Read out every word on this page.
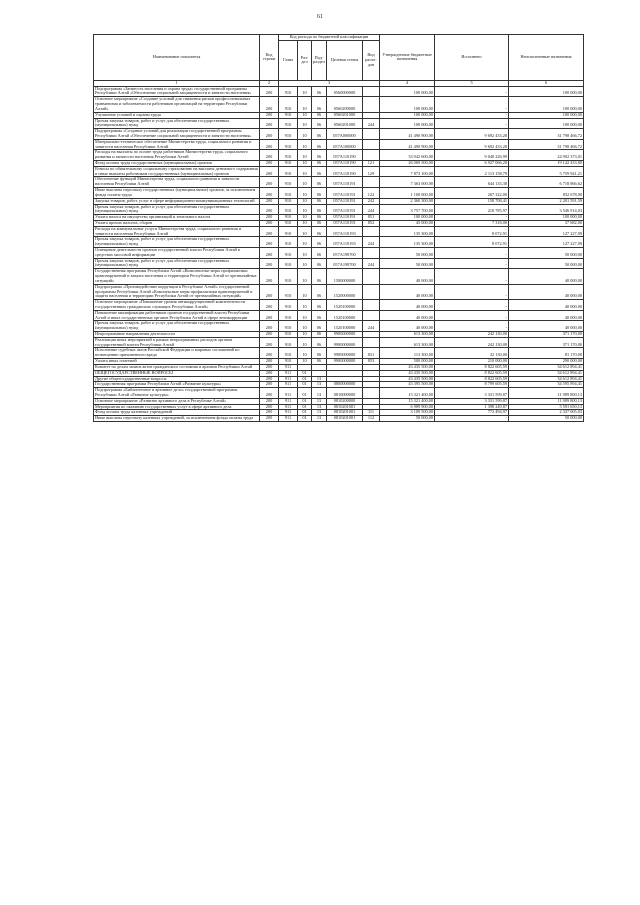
61
Наименование показателя	Код строки	Код расхода по бюджетной классификации					Утвержденные бюджетные назначения	Исполнено	Неисполненные назначения
		Глава	Раз-дел	Под-раздел	Целевая статья	Вид расхо-дов			
1	2	3					4	5	6
Подпрограмма «Занятость населения и охрана труда» государственной программы Республики Алтай «Обеспечение социальной защищенности и занятости населения»	200	910	10	06	0560000000		100 000,00	-	100 000,00
Основное мероприятие «Создание условий для снижения рисков профессиональных травматизма и заболеваемости работников организаций на территории Республики Алтай»	200	910	10	06	0560200000		100 000,00	-	100 000,00
Улучшение условий и охраны труда	200	910	10	06	0560201000		100 000,00	-	100 000,00
Прочая закупка товаров, работ и услуг для обеспечения государственных (муниципальных) нужд	200	910	10	06	0560201000	244	100 000,00	-	100 000,00
Подпрограмма «Создание условий для реализации государственной программы Республики Алтай «Обеспечение социальной защищенности и занятости населения»	200	910	10	06	057А000000		41 490 900,00	9 692 433,28	31 798 466,72
Материально-техническое обеспечение Министерства труда, социального развития и занятости населения Республики Алтай	200	910	10	06	057А100000		41 490 900,00	9 692 433,28	31 798 466,72
Расходы на выплаты по оплате труда работников Министерства труда, социального развития и занятости населения Республики Алтай	200	910	10	06	057А110190		33 942 600,00	9 040 226,99	24 902 373,01
Фонд оплаты труда государственных (муниципальных) органов	200	910	10	06	057А110190	121	26 069 500,00	6 927 066,20	19 142 433,80
Взносы по обязательному социальному страхованию на выплаты денежного содержания и иные выплаты работникам государственных (муниципальных) органов	200	910	10	06	057А110190	129	7 873 100,00	2 113 158,79	5 759 941,21
Обеспечение функций Министерства труда, социального развития и занятости населения Республики Алтай	200	910	10	06	057А110191		7 363 000,00	644 133,38	6 718 866,62
Иные выплаты персоналу государственных (муниципальных) органов, за исключением фонда оплаты труда	200	910	10	06	057А110191	122	1 100 000,00	267 322,00	832 678,00
Закупка товаров, работ, услуг в сфере информационно-коммуникационных технологий	200	910	10	06	057А110191	242	2 360 300,00	158 708,41	2 201 591,59
Прочая закупка товаров, работ и услуг для обеспечения государственных (муниципальных) нужд	200	910	10	06	057А110191	244	3 757 700,00	210 785,97	3 546 914,03
Уплата налога на имущество организаций и земельного налога	200	910	10	06	057А110191	851	100 000,00	-	100 000,00
Уплата прочих налогов, сборов	200	910	10	06	057А110191	852	45 000,00	7 318,00	37 682,00
Расходы на коммунальные услуги Министерства труда, социального развития и занятости населения Республики Алтай	200	910	10	06	057А110193		135 300,00	8 072,91	127 227,09
Прочая закупка товаров, работ и услуг для обеспечения государственных (муниципальных) нужд	200	910	10	06	057А110193	244	135 300,00	8 072,91	127 227,09
Освещение деятельности органов государственной власти Республики Алтай в средствах массовой информации	200	910	10	06	057А198700		50 000,00	-	50 000,00
Прочая закупка товаров, работ и услуг для обеспечения государственных (муниципальных) нужд	200	910	10	06	057А198700	244	50 000,00	-	50 000,00
Государственная программа Республики Алтай «Комплексные меры профилактики правонарушений и защита населения и территории Республики Алтай от чрезвычайных ситуаций»	200	910	10	06	1500000000		40 000,00	-	40 000,00
Подпрограмма «Противодействие коррупции в Республике Алтай» государственной программы Республики Алтай «Комплексные меры профилактики правонарушений и защита населения и территории Республики Алтай от чрезвычайных ситуаций»	200	910	10	06	1520000000		40 000,00	-	40 000,00
Основное мероприятие «Повышение уровня антикоррупционной компетентности государственных гражданских служащих Республики Алтай»	200	910	10	06	1520100000		40 000,00	-	40 000,00
Повышение квалификации работников органов государственной власти Республики Алтай и иных государственных органов Республики Алтай в сфере антикоррупции	200	910	10	06	1520100000		40 000,00	-	40 000,00
Прочая закупка товаров, работ и услуг для обеспечения государственных (муниципальных) нужд	200	910	10	06	1520100000	244	40 000,00	-	40 000,00
Непрограммные направления деятельности	200	910	10	06	9900000000		613 300,00	242 130,00	371 170,00
Реализация иных мероприятий в рамках непрограммных расходов органов государственной власти Республики Алтай	200	910	10	06	9900000000		613 300,00	242 130,00	371 170,00
Исполнение судебных актов Российской Федерации и мировых соглашений по возмещению причиненного вреда	200	910	10	06	9900000000	831	113 300,00	32 130,00	81 170,00
Уплата иных платежей	200	910	10	06	9900000000	853	500 000,00	210 000,00	290 000,00
Комитет по делам записи актов гражданского состояния и архивов Республики Алтай	200	911					43 435 500,00	8 822 605,59	34 612 894,41
ОБЩЕГОСУДАРСТВЕННЫЕ ВОПРОСЫ	200	911	01				43 435 500,00	8 822 605,59	34 612 894,41
Другие общегосударственные вопросы	200	911	01	13			43 435 500,00	8 822 605,59	34 612 894,41
Государственная программа Республики Алтай «Развитие культуры»	200	911	01	13	0800000000		43 395 500,00	8 799 605,59	34 595 894,41
Подпрограмма «Библиотечное и архивное дело» государственной программы Республики Алтай «Развитие культуры»	200	911	01	13	0810000000		15 321 400,00	3 331 599,87	11 989 800,13
Основное мероприятие «Развитие архивного дела в Республике Алтай»	200	911	01	13	0810200000		15 321 400,00	3 331 599,87	11 989 800,13
Мероприятия по оказанию государственных услуг в сфере архивного дела	200	911	01	13	0810201001		6 989 900,00	1 398 249,87	5 591 650,13
Фонд оплаты труда казенных учреждений	200	911	01	13	0810201001	111	3 109 500,00	772 494,97	2 337 005,03
Иные выплаты персоналу казенных учреждений, за исключением фонда оплаты труда	200	911	01	13	0810201001	112	50 000,00	-	50 000,00
